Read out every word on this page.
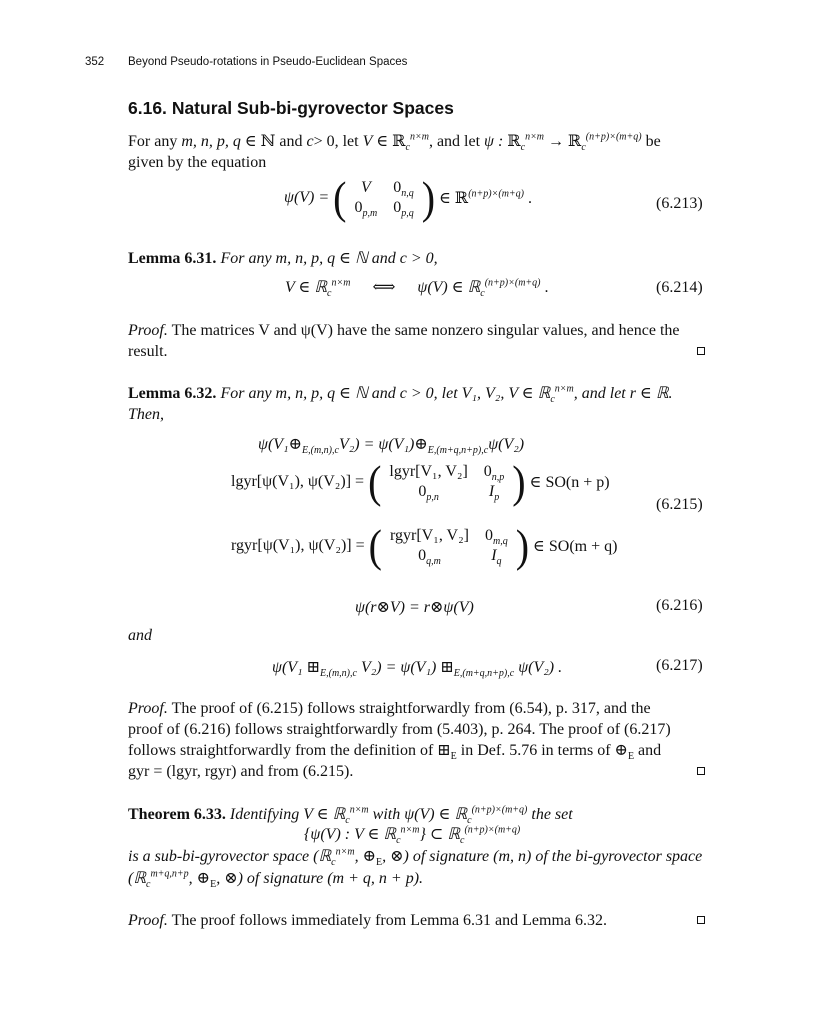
352 Beyond Pseudo-rotations in Pseudo-Euclidean Spaces
6.16. Natural Sub-bi-gyrovector Spaces
For any m, n, p, q ∈ ℕ and c> 0, let V ∈ ℝ$_c^{n\times m}$, and let ψ : ℝ$_c^{n\times m}$ → ℝ$_c^{(n+p)\times(m+q)}$ be
given by the equation
ψ(V) = ( V	$0_{n,q}$
$0_{p,m}$	$0_{p,q}$ ) ∈ ℝ$^{(n+p)\times(m+q)}$ .	(6.213)
Lemma 6.31. For any m, n, p, q ∈ ℕ and c > 0,
V ∈ ℝ$_c^{n\times m}$ ⟺ ψ(V) ∈ ℝ$_c^{(n+p)\times(m+q)}$ .	(6.214)
Proof. The matrices V and ψ(V) have the same nonzero singular values, and hence the
result.
Lemma 6.32. For any m, n, p, q ∈ ℕ and c > 0, let V₁, V₂, V ∈ ℝ$_c^{n\times m}$, and let r ∈ ℝ.
Then,
$\psi(V_1\oplus_{E,(m,n),c}V_2)$ = $\psi(V_1)\oplus_{E,(m+q,n+p),c}\psi(V_2)$
lgyr[ψ(V₁), ψ(V₂)] = ( lgyr[V₁, V₂]	$0_{n,p}$
$0_{p,n}$	$I_p$ ) ∈ SO(n + p)
(6.215)
rgyr[ψ(V₁), ψ(V₂)] = ( rgyr[V₁, V₂]	$0_{m,q}$
$0_{q,m}$	$I_q$ ) ∈ SO(m + q)
ψ(r⊗V) = r⊗ψ(V)	(6.216)
and
ψ(V₁ $⊞_{E,(m,n),c}$ V₂) = ψ(V₁) $⊞_{E,(m+q,n+p),c}$ ψ(V₂) .	(6.217)
Proof. The proof of (6.215) follows straightforwardly from (6.54), p. 317, and the
proof of (6.216) follows straightforwardly from (5.403), p. 264. The proof of (6.217)
follows straightforwardly from the definition of $⊞_E$ in Def. 5.76 in terms of $\oplus_E$ and
gyr = (lgyr, rgyr) and from (6.215).
Theorem 6.33. Identifying V ∈ ℝ$_c^{n\times m}$ with ψ(V) ∈ ℝ$_c^{(n+p)\times(m+q)}$ the set
{ψ(V) : V ∈ ℝ$_c^{n\times m}$} ⊂ ℝ$_c^{(n+p)\times(m+q)}$
is a sub-bi-gyrovector space (ℝ$_c^{n\times m}$, $\oplus_E$, ⊗) of signature (m, n) of the bi-gyrovector space
(ℝ$_c^{m+q,n+p}$, $\oplus_E$, ⊗) of signature (m + q, n + p).
Proof. The proof follows immediately from Lemma 6.31 and Lemma 6.32.
